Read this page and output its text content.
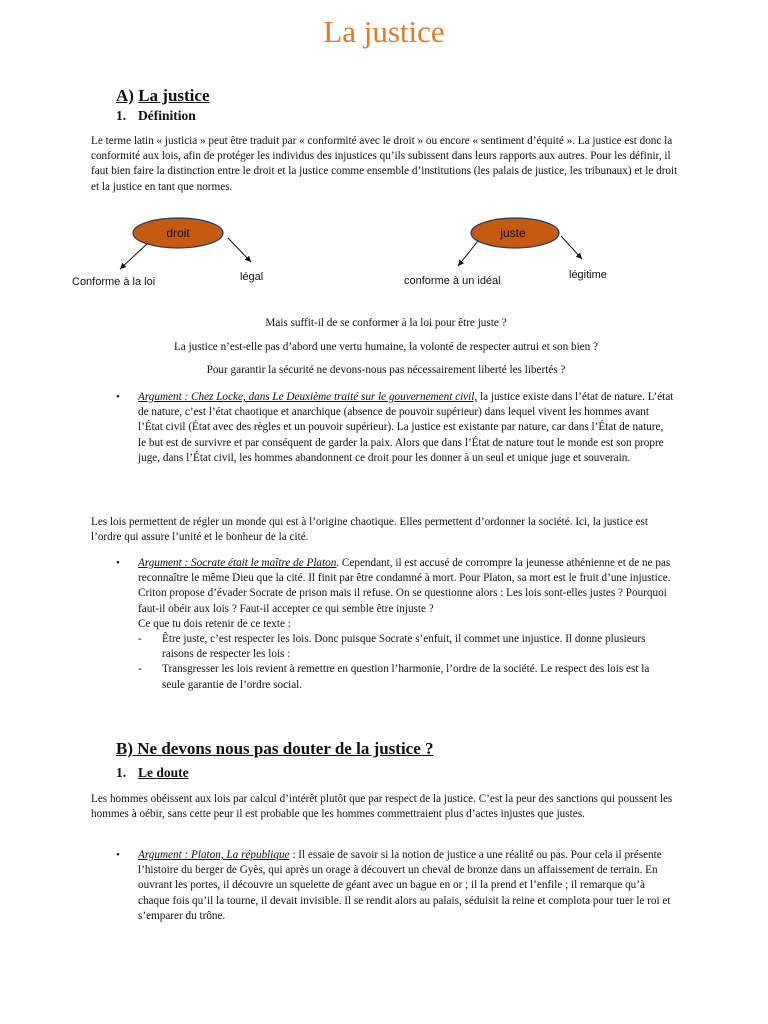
La justice
A) La justice
1. Définition

Le terme latin « justicia » peut être traduit par « conformité avec le droit » ou encore « sentiment d’équité ». La justice est donc la conformité aux lois, afin de protéger les individus des injustices qu’ils subissent dans leurs rapports aux autres. Pour les définir, il faut bien faire la distinction entre le droit et la justice comme ensemble d’institutions (les palais de justice, les tribunaux) et le droit et la justice en tant que normes.

droit
Conforme à la loi	légal
juste
conforme à un idéal	légitime

Mais suffit-il de se conformer à la loi pour être juste ?

La justice n’est-elle pas d’abord une vertu humaine, la volonté de respecter autrui et son bien ?

Pour garantir la sécurité ne devons-nous pas nécessairement liberté les libertés ?

• Argument : Chez Locke, dans Le Deuxième traité sur le gouvernement civil, la justice existe dans l’état de nature. L’état de nature, c’est l’état chaotique et anarchique (absence de pouvoir supérieur) dans lequel vivent les hommes avant l’État civil (État avec des règles et un pouvoir supérieur). La justice est existante par nature, car dans l’État de nature, le but est de survivre et par conséquent de garder la paix. Alors que dans l’État de nature tout le monde est son propre juge, dans l’État civil, les hommes abandonnent ce droit pour les donner à un seul et unique juge et souverain.

Les lois permettent de régler un monde qui est à l’origine chaotique. Elles permettent d’ordonner la société. Ici, la justice est l’ordre qui assure l’unité et le bonheur de la cité.

• Argument : Socrate était le maître de Platon. Cependant, il est accusé de corrompre la jeunesse athénienne et de ne pas reconnaître le même Dieu que la cité. Il finit par être condamné à mort. Pour Platon, sa mort est le fruit d’une injustice. Criton propose d’évader Socrate de prison mais il refuse. On se questionne alors : Les lois sont-elles justes ? Pourquoi faut-il obéir aux lois ? Faut-il accepter ce qui semble être injuste ?

Ce que tu dois retenir de ce texte :

- Être juste, c’est respecter les lois. Donc puisque Socrate s’enfuit, il commet une injustice. Il donne plusieurs raisons de respecter les lois :
- Transgresser les lois revient à remettre en question l’harmonie, l’ordre de la société. Le respect des lois est la seule garantie de l’ordre social.
B) Ne devons nous pas douter de la justice ?
1. Le doute

Les hommes obéissent aux lois par calcul d’intérêt plutôt que par respect de la justice. C’est la peur des sanctions qui poussent les hommes à oébir, sans cette peur il est probable que les hommes commettraient plus d’actes injustes que justes.

• Argument : Platon, La république : Il essaie de savoir si la notion de justice a une réalité ou pas. Pour cela il présente l’histoire du berger de Gyès, qui après un orage à découvert un cheval de bronze dans un affaissement de terrain. En ouvrant les portes, il découvre un squelette de géant avec un bague en or ; il la prend et l’enfile ; il remarque qu’à chaque fois qu’il la tourne, il devait invisible. Il se rendit alors au palais, séduisit la reine et complota pour tuer le roi et s’emparer du trône.
